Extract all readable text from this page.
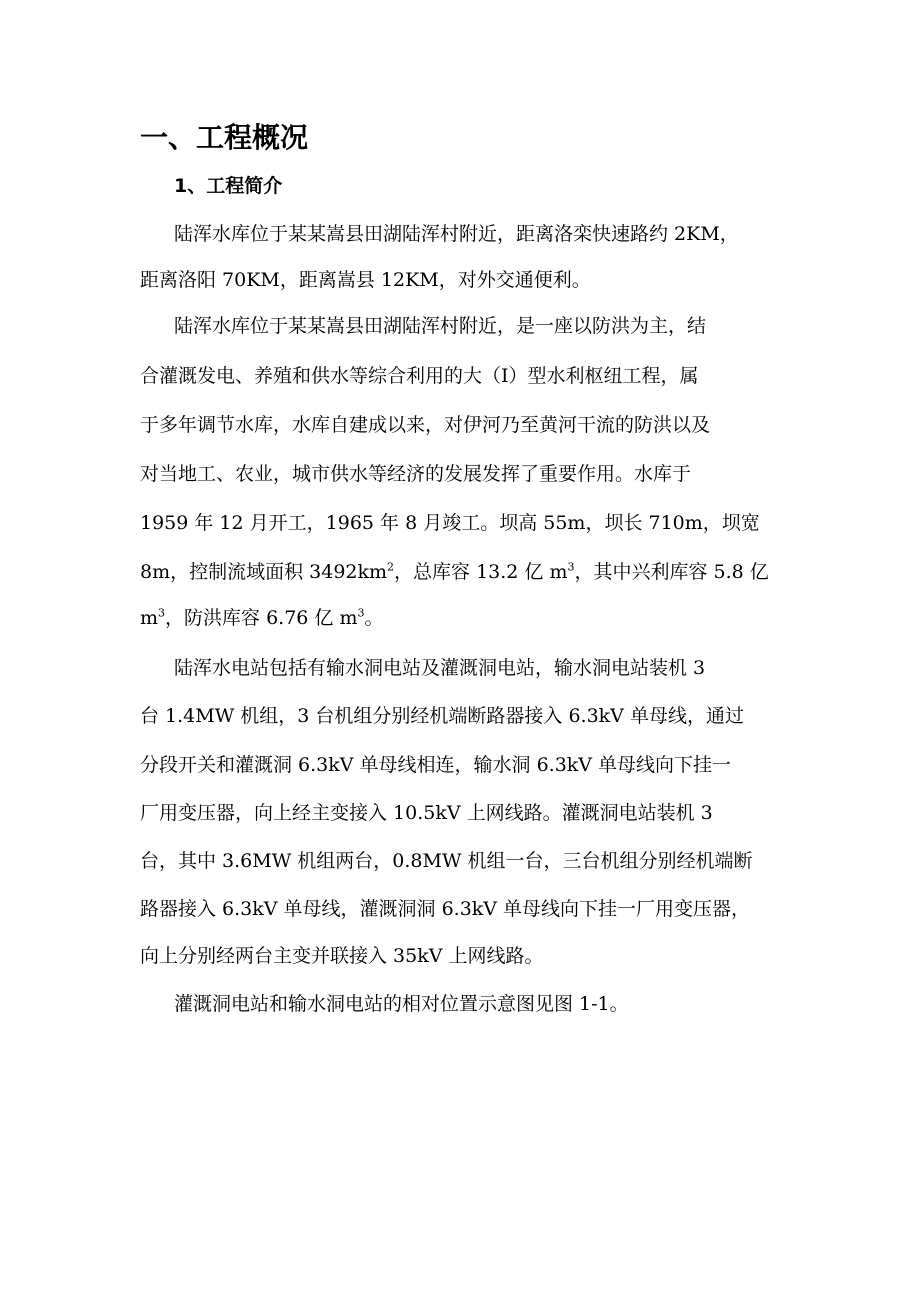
一、工程概况
1、工程简介

陆浑水库位于某某嵩县田湖陆浑村附近，距离洛栾快速路约 2KM，

距离洛阳 70KM，距离嵩县 12KM，对外交通便利。

陆浑水库位于某某嵩县田湖陆浑村附近，是一座以防洪为主，结

合灌溉发电、养殖和供水等综合利用的大（Ⅰ）型水利枢纽工程，属

于多年调节水库，水库自建成以来，对伊河乃至黄河干流的防洪以及

对当地工、农业，城市供水等经济的发展发挥了重要作用。水库于

1959 年 12 月开工，1965 年 8 月竣工。坝高 55m，坝长 710m，坝宽

8m，控制流域面积 $3492km^2$，总库容 13.2 亿 $m^3$，其中兴利库容 5.8 亿

$m^3$，防洪库容 6.76 亿 $m^3$。

陆浑水电站包括有输水洞电站及灌溉洞电站，输水洞电站装机 3

台 1.4MW 机组，3 台机组分别经机端断路器接入 6.3kV 单母线，通过

分段开关和灌溉洞 6.3kV 单母线相连，输水洞 6.3kV 单母线向下挂一

厂用变压器，向上经主变接入 10.5kV 上网线路。灌溉洞电站装机 3

台，其中 3.6MW 机组两台，0.8MW 机组一台，三台机组分别经机端断

路器接入 6.3kV 单母线，灌溉洞洞 6.3kV 单母线向下挂一厂用变压器，

向上分别经两台主变并联接入 35kV 上网线路。

灌溉洞电站和输水洞电站的相对位置示意图见图 1-1。
